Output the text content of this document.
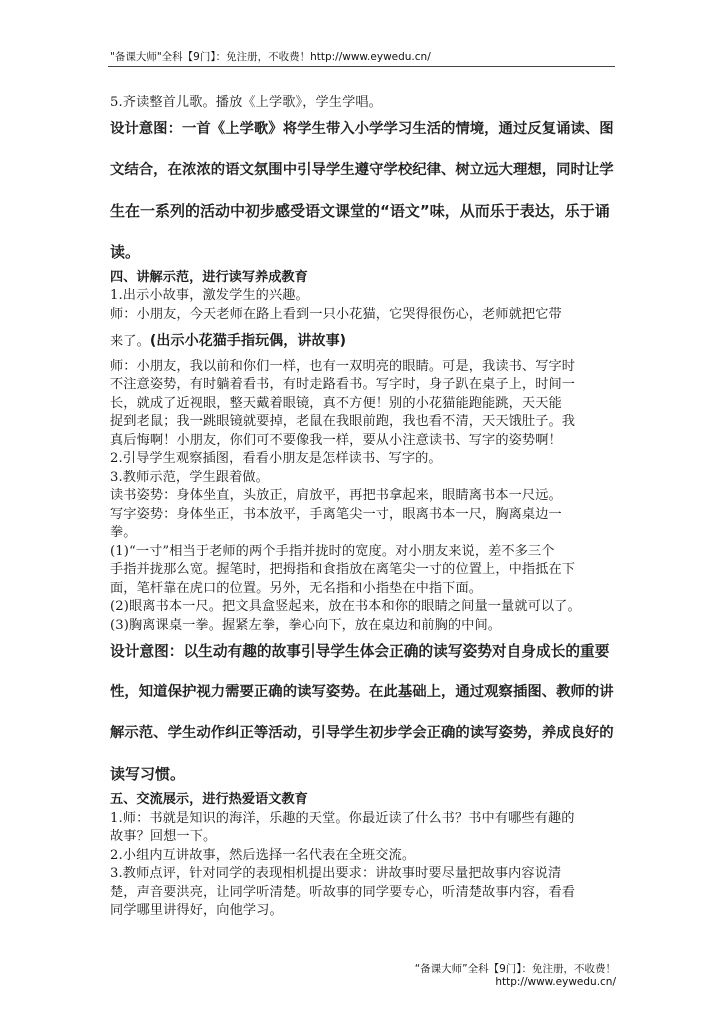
"备课大师"全科【9门】：免注册，不收费！http://www.eywedu.cn/

5.齐读整首儿歌。播放《上学歌》，学生学唱。

设计意图：一首《上学歌》将学生带入小学学习生活的情境，通过反复诵读、图

文结合，在浓浓的语文氛围中引导学生遵守学校纪律、树立远大理想，同时让学

生在一系列的活动中初步感受语文课堂的“语文”味，从而乐于表达，乐于诵

读。

四、讲解示范，进行读写养成教育

1.出示小故事，激发学生的兴趣。

师：小朋友，今天老师在路上看到一只小花猫，它哭得很伤心，老师就把它带

来了。(出示小花猫手指玩偶，讲故事)

师：小朋友，我以前和你们一样，也有一双明亮的眼睛。可是，我读书、写字时

不注意姿势，有时躺着看书，有时走路看书。写字时，身子趴在桌子上，时间一

长，就成了近视眼，整天戴着眼镜，真不方便！别的小花猫能跑能跳，天天能

捉到老鼠；我一跳眼镜就要掉，老鼠在我眼前跑，我也看不清，天天饿肚子。我

真后悔啊！小朋友，你们可不要像我一样，要从小注意读书、写字的姿势啊！

2.引导学生观察插图，看看小朋友是怎样读书、写字的。

3.教师示范，学生跟着做。

读书姿势：身体坐直，头放正，肩放平，再把书拿起来，眼睛离书本一尺远。

写字姿势：身体坐正，书本放平，手离笔尖一寸，眼离书本一尺，胸离桌边一

拳。

(1)“一寸”相当于老师的两个手指并拢时的宽度。对小朋友来说，差不多三个

手指并拢那么宽。握笔时，把拇指和食指放在离笔尖一寸的位置上，中指抵在下

面，笔杆靠在虎口的位置。另外，无名指和小指垫在中指下面。

(2)眼离书本一尺。把文具盒竖起来，放在书本和你的眼睛之间量一量就可以了。

(3)胸离课桌一拳。握紧左拳，拳心向下，放在桌边和前胸的中间。

设计意图：以生动有趣的故事引导学生体会正确的读写姿势对自身成长的重要

性，知道保护视力需要正确的读写姿势。在此基础上，通过观察插图、教师的讲

解示范、学生动作纠正等活动，引导学生初步学会正确的读写姿势，养成良好的

读写习惯。

五、交流展示，进行热爱语文教育

1.师：书就是知识的海洋，乐趣的天堂。你最近读了什么书？书中有哪些有趣的

故事？回想一下。

2.小组内互讲故事，然后选择一名代表在全班交流。

3.教师点评，针对同学的表现相机提出要求：讲故事时要尽量把故事内容说清

楚，声音要洪亮，让同学听清楚。听故事的同学要专心，听清楚故事内容，看看

同学哪里讲得好，向他学习。

“备课大师”全科【9门】：免注册，不收费！http://www.eywedu.cn/
